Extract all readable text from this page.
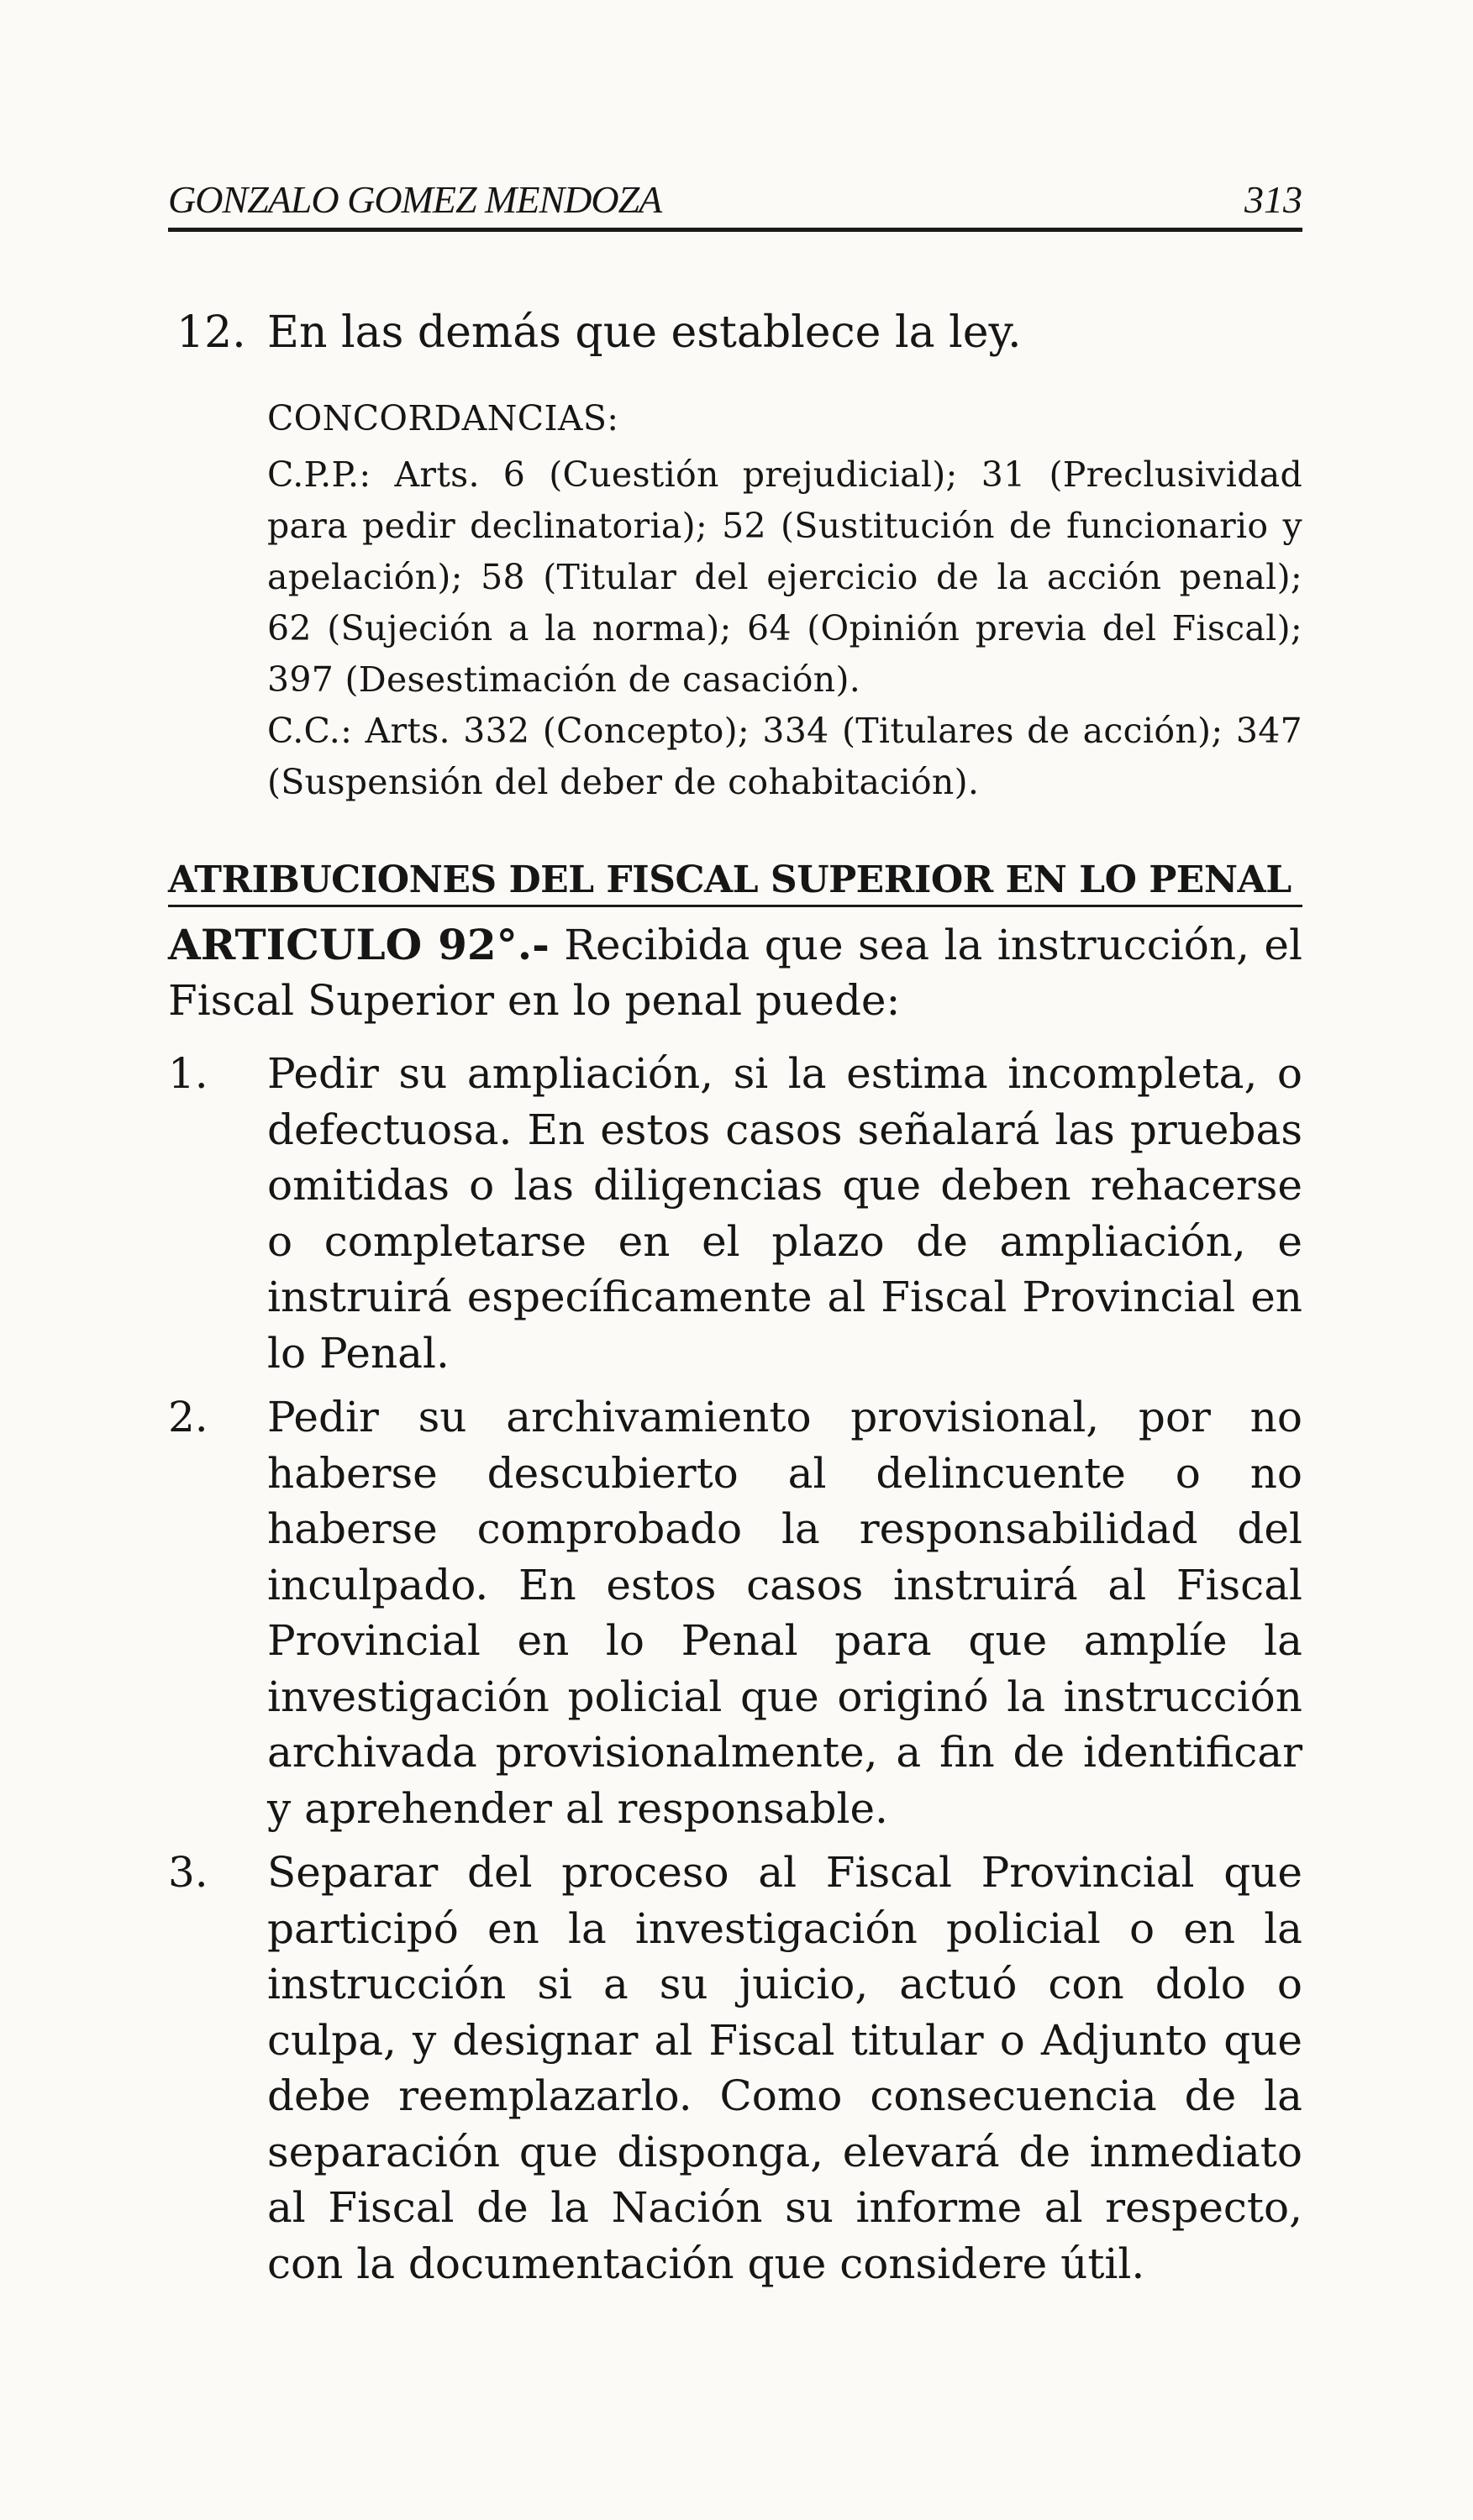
GONZALO GOMEZ MENDOZA	313
12. En las demás que establece la ley.

CONCORDANCIAS:

C.P.P.: Arts. 6 (Cuestión prejudicial); 31 (Preclusividad para pedir declinatoria); 52 (Sustitución de funcionario y apelación); 58 (Titular del ejercicio de la acción penal); 62 (Sujeción a la norma); 64 (Opinión previa del Fiscal); 397 (Desestimación de casación).

C.C.: Arts. 332 (Concepto); 334 (Titulares de acción); 347 (Suspensión del deber de cohabitación).

ATRIBUCIONES DEL FISCAL SUPERIOR EN LO PENAL
ARTICULO 92°.- Recibida que sea la instrucción, el Fiscal Superior en lo penal puede:
1. Pedir su ampliación, si la estima incompleta, o defectuosa. En estos casos señalará las pruebas omitidas o las diligencias que deben rehacerse o completarse en el plazo de ampliación, e instruirá específicamente al Fiscal Provincial en lo Penal.
2. Pedir su archivamiento provisional, por no haberse descubierto al delincuente o no haberse comprobado la responsabilidad del inculpado. En estos casos instruirá al Fiscal Provincial en lo Penal para que amplíe la investigación policial que originó la instrucción archivada provisionalmente, a fin de identificar y aprehender al responsable.
3. Separar del proceso al Fiscal Provincial que participó en la investigación policial o en la instrucción si a su juicio, actuó con dolo o culpa, y designar al Fiscal titular o Adjunto que debe reemplazarlo. Como consecuencia de la separación que disponga, elevará de inmediato al Fiscal de la Nación su informe al respecto, con la documentación que considere útil.
